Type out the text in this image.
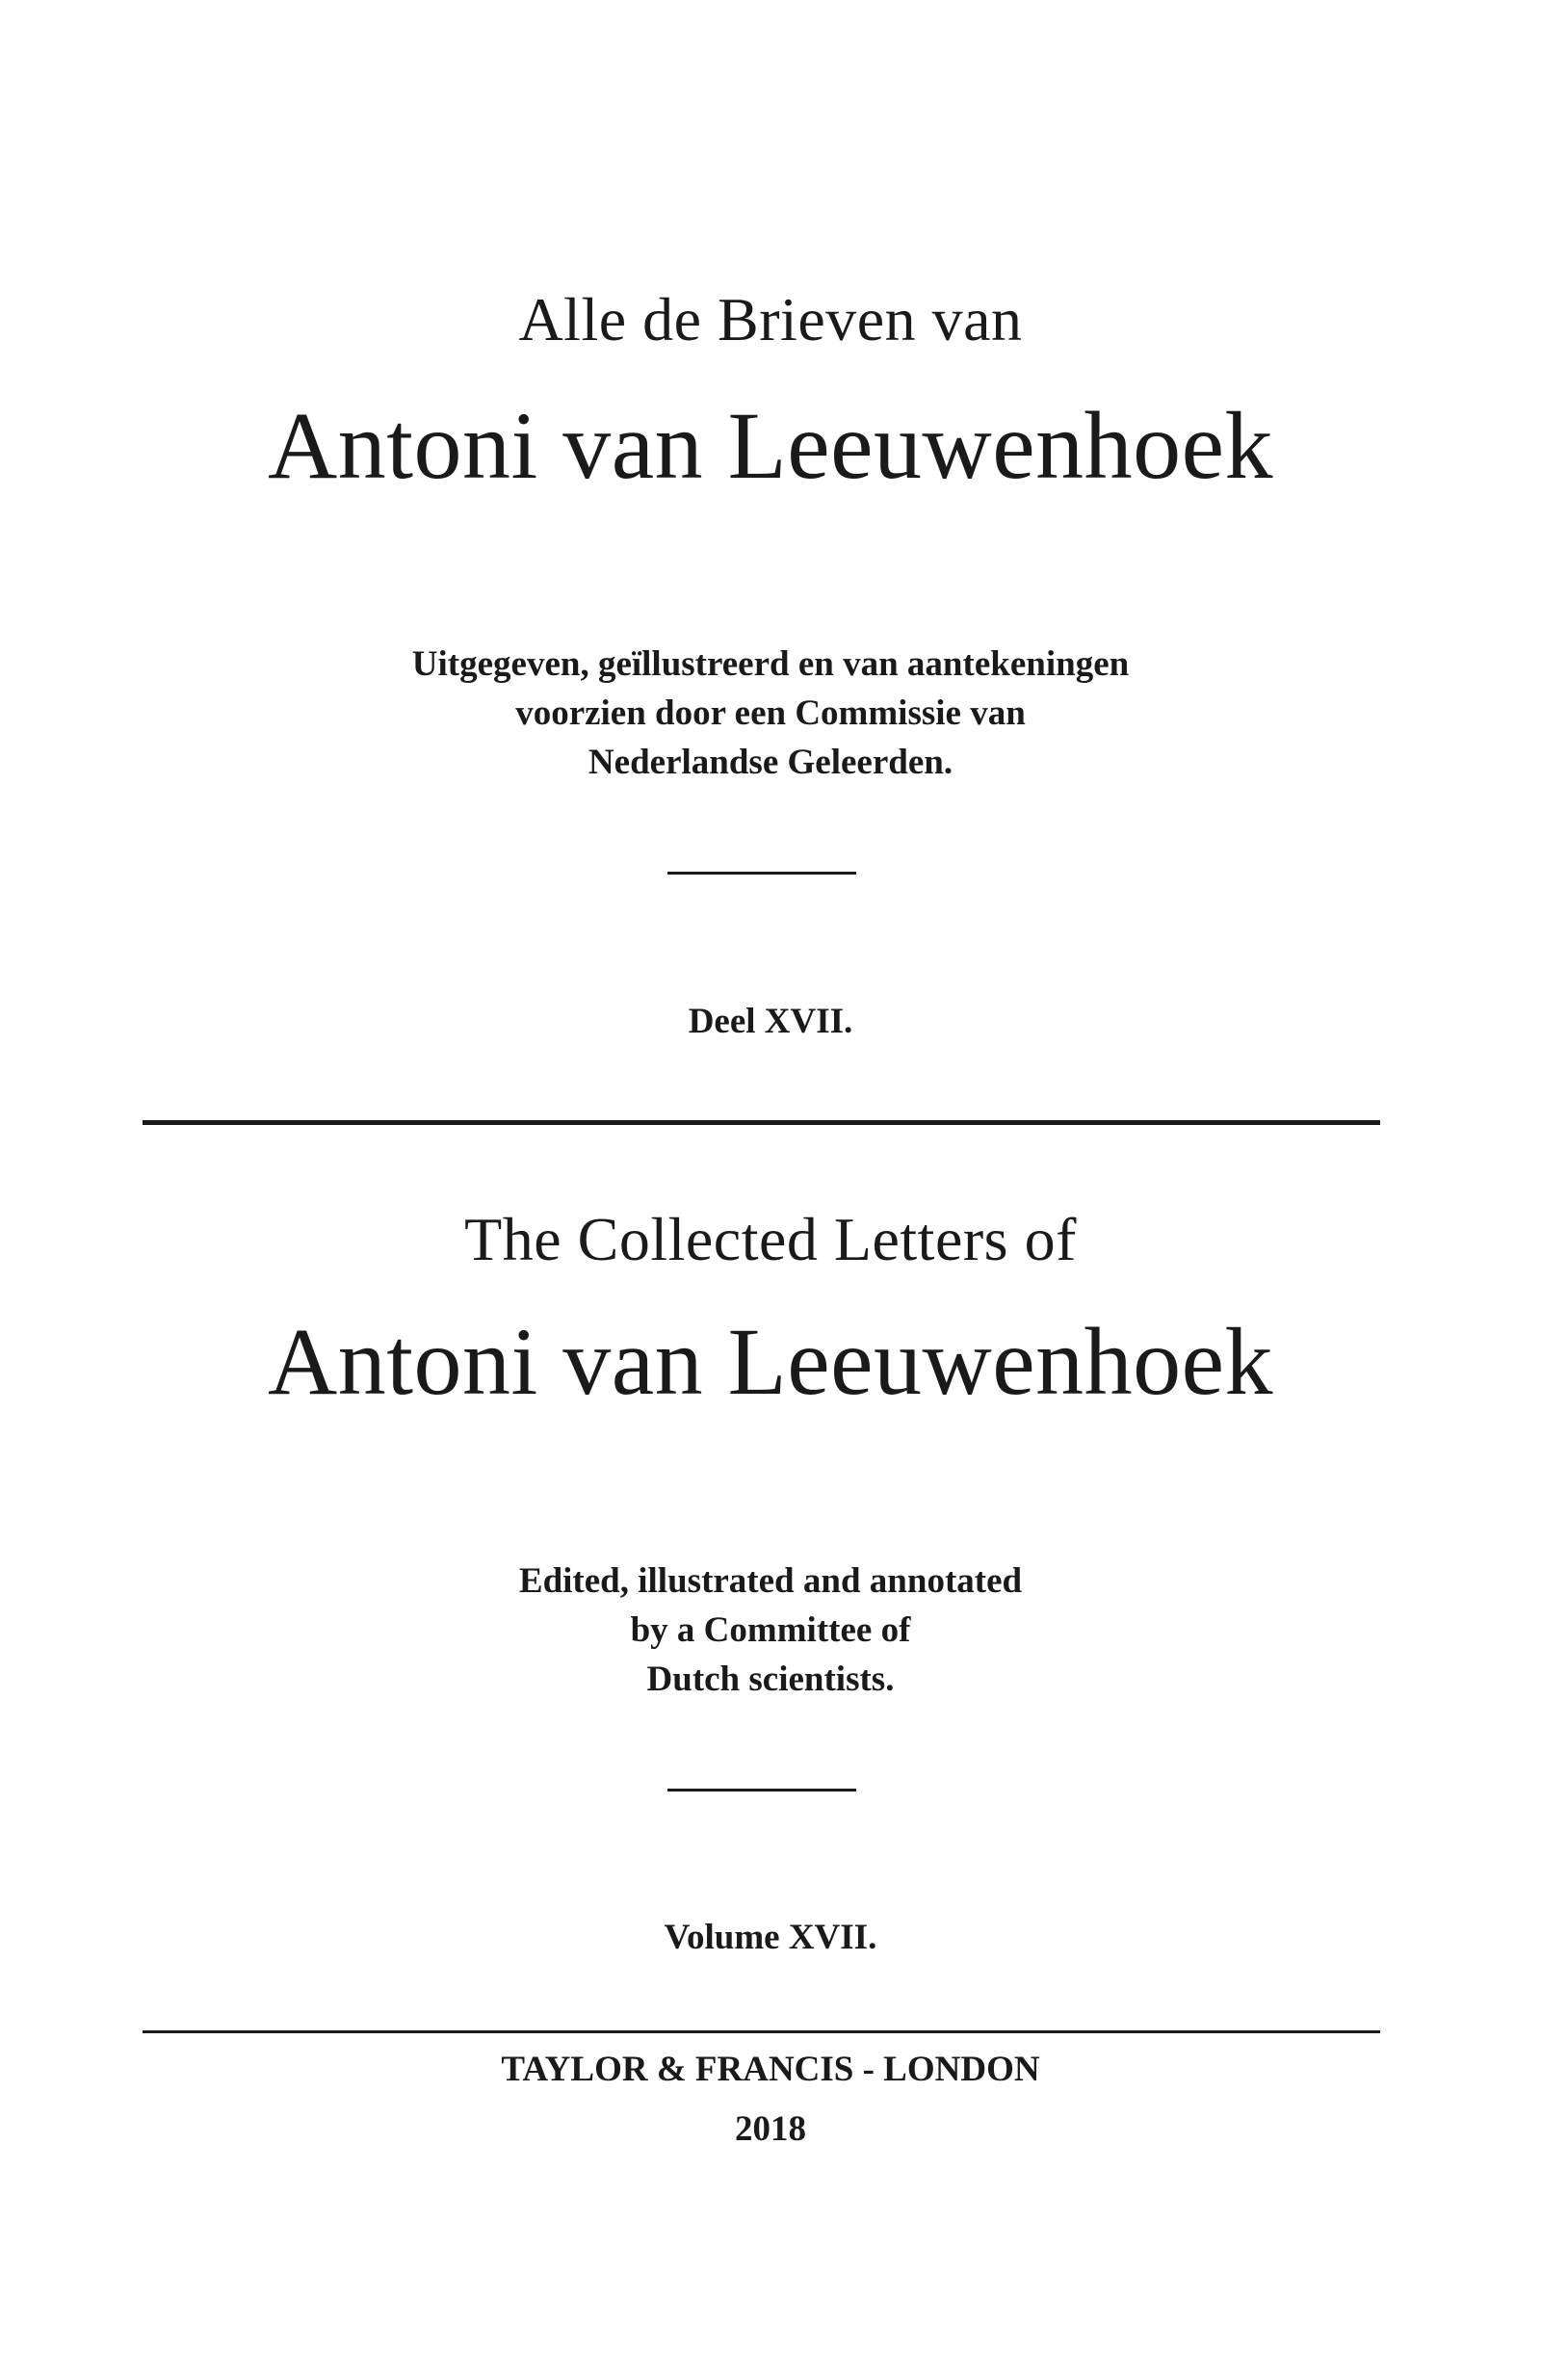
Alle de Brieven van
Antoni van Leeuwenhoek
Uitgegeven, geïllustreerd en van aantekeningen
voorzien door een Commissie van
Nederlandse Geleerden.
Deel XVII.
The Collected Letters of
Antoni van Leeuwenhoek
Edited, illustrated and annotated
by a Committee of
Dutch scientists.
Volume XVII.
TAYLOR & FRANCIS - LONDON
2018
